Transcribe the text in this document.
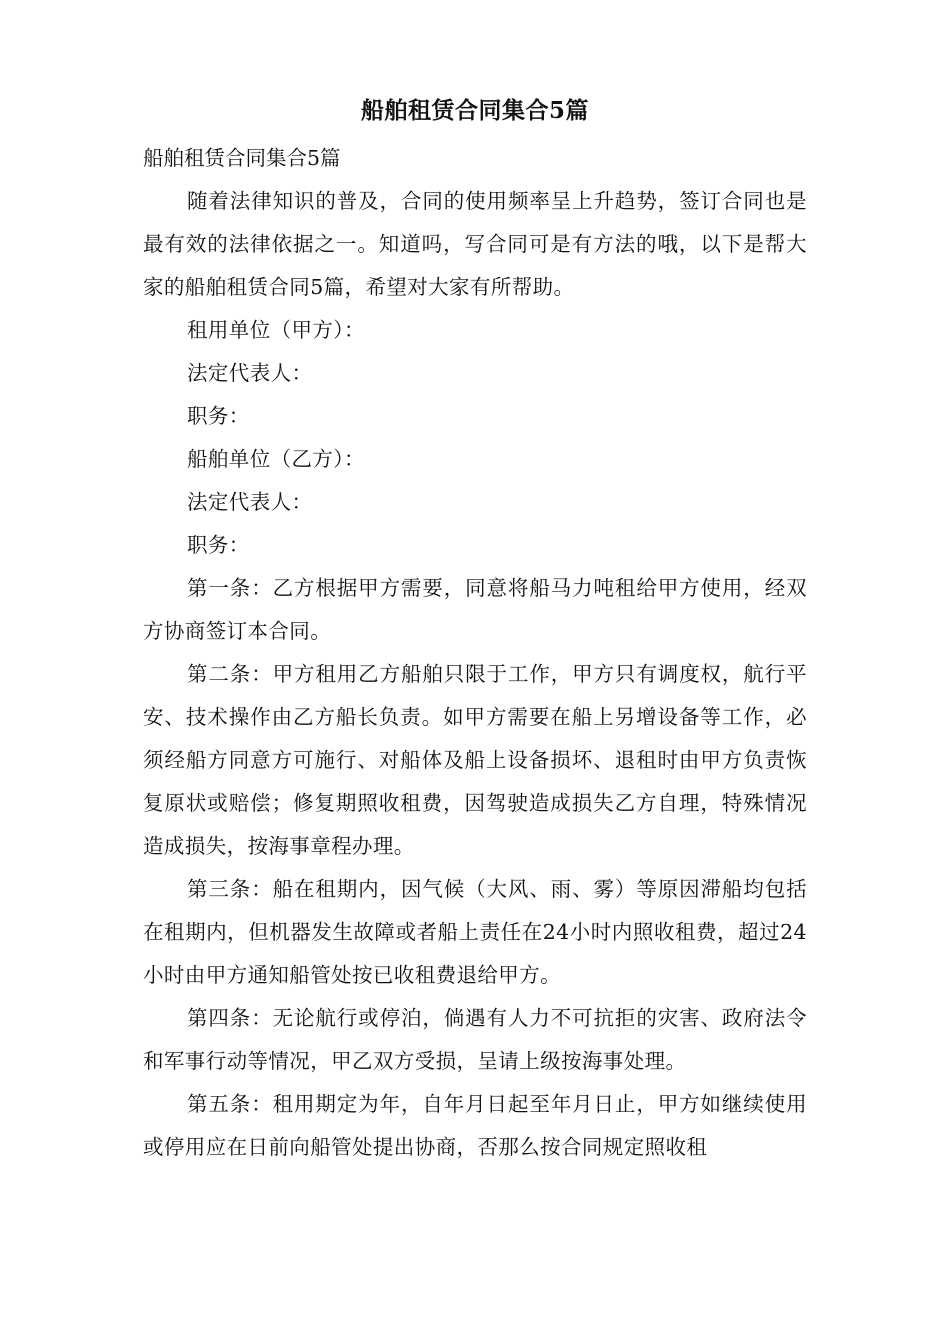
船舶租赁合同集合5篇

船舶租赁合同集合5篇

随着法律知识的普及，合同的使用频率呈上升趋势，签订合同也是最有效的法律依据之一。知道吗，写合同可是有方法的哦，以下是帮大家的船舶租赁合同5篇，希望对大家有所帮助。

租用单位（甲方）：

法定代表人：

职务：

船舶单位（乙方）：

法定代表人：

职务：

第一条：乙方根据甲方需要，同意将船马力吨租给甲方使用，经双方协商签订本合同。

第二条：甲方租用乙方船舶只限于工作，甲方只有调度权，航行平安、技术操作由乙方船长负责。如甲方需要在船上另增设备等工作，必须经船方同意方可施行、对船体及船上设备损坏、退租时由甲方负责恢复原状或赔偿；修复期照收租费，因驾驶造成损失乙方自理，特殊情况造成损失，按海事章程办理。

第三条：船在租期内，因气候（大风、雨、雾）等原因滞船均包括在租期内，但机器发生故障或者船上责任在24小时内照收租费，超过24小时由甲方通知船管处按已收租费退给甲方。

第四条：无论航行或停泊，倘遇有人力不可抗拒的灾害、政府法令和军事行动等情况，甲乙双方受损，呈请上级按海事处理。

第五条：租用期定为年，自年月日起至年月日止，甲方如继续使用或停用应在日前向船管处提出协商，否那么按合同规定照收租
